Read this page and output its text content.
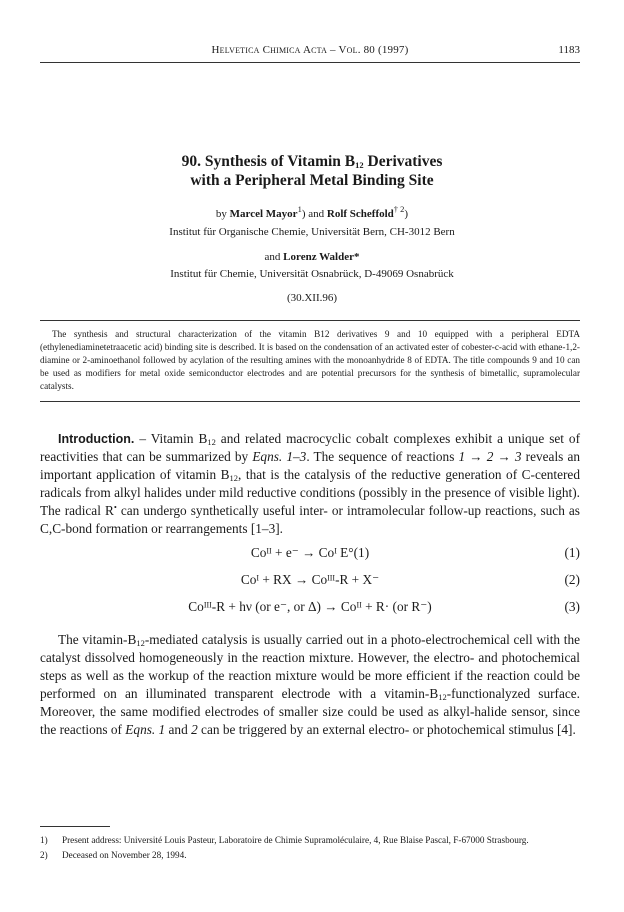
Helvetica Chimica Acta – Vol. 80 (1997)	1183
90. Synthesis of Vitamin $B_{12}$ Derivatives
with a Peripheral Metal Binding Site
by Marcel Mayor$^1$) and Rolf Scheffold$^{\dagger 2}$)
Institut für Organische Chemie, Universität Bern, CH-3012 Bern
and Lorenz Walder*
Institut für Chemie, Universität Osnabrück, D-49069 Osnabrück
(30.XII.96)

The synthesis and structural characterization of the vitamin B12 derivatives 9 and 10 equipped with a peripheral EDTA (ethylenediaminetetraacetic acid) binding site is described. It is based on the condensation of an activated ester of cobester-c-acid with ethane-1,2-diamine or 2-aminoethanol followed by acylation of the resulting amines with the monoanhydride 8 of EDTA. The title compounds 9 and 10 can be used as modifiers for metal oxide semiconductor electrodes and are potential precursors for the synthesis of bimetallic, supramolecular catalysts.

Introduction. – Vitamin $B_{12}$ and related macrocyclic cobalt complexes exhibit a unique set of reactivities that can be summarized by Eqns. 1–3. The sequence of reactions 1 → 2 → 3 reveals an important application of vitamin $B_{12}$, that is the catalysis of the reductive generation of C-centered radicals from alkyl halides under mild reductive conditions (possibly in the presence of visible light). The radical R• can undergo synthetically useful inter- or intramolecular follow-up reactions, such as C,C-bond formation or rearrangements [1–3].

Coᴵᴵ + e⁻ → Coᴵ E°(1)	(1)
Coᴵ + RX → Coᴵᴵᴵ-R + X⁻	(2)
Coᴵᴵᴵ-R + hν (or e⁻, or Δ) → Coᴵᴵ + R· (or R⁻)	(3)

The vitamin-$B_{12}$-mediated catalysis is usually carried out in a photo-electrochemical cell with the catalyst dissolved homogeneously in the reaction mixture. However, the electro- and photochemical steps as well as the workup of the reaction mixture would be more efficient if the reaction could be performed on an illuminated transparent electrode with a vitamin-$B_{12}$-functionalyzed surface. Moreover, the same modified electrodes of smaller size could be used as alkyl-halide sensor, since the reactions of Eqns. 1 and 2 can be triggered by an external electro- or photochemical stimulus [4].

1) Present address: Université Louis Pasteur, Laboratoire de Chimie Supramoléculaire, 4, Rue Blaise Pascal, F-67000 Strasbourg.
2) Deceased on November 28, 1994.
